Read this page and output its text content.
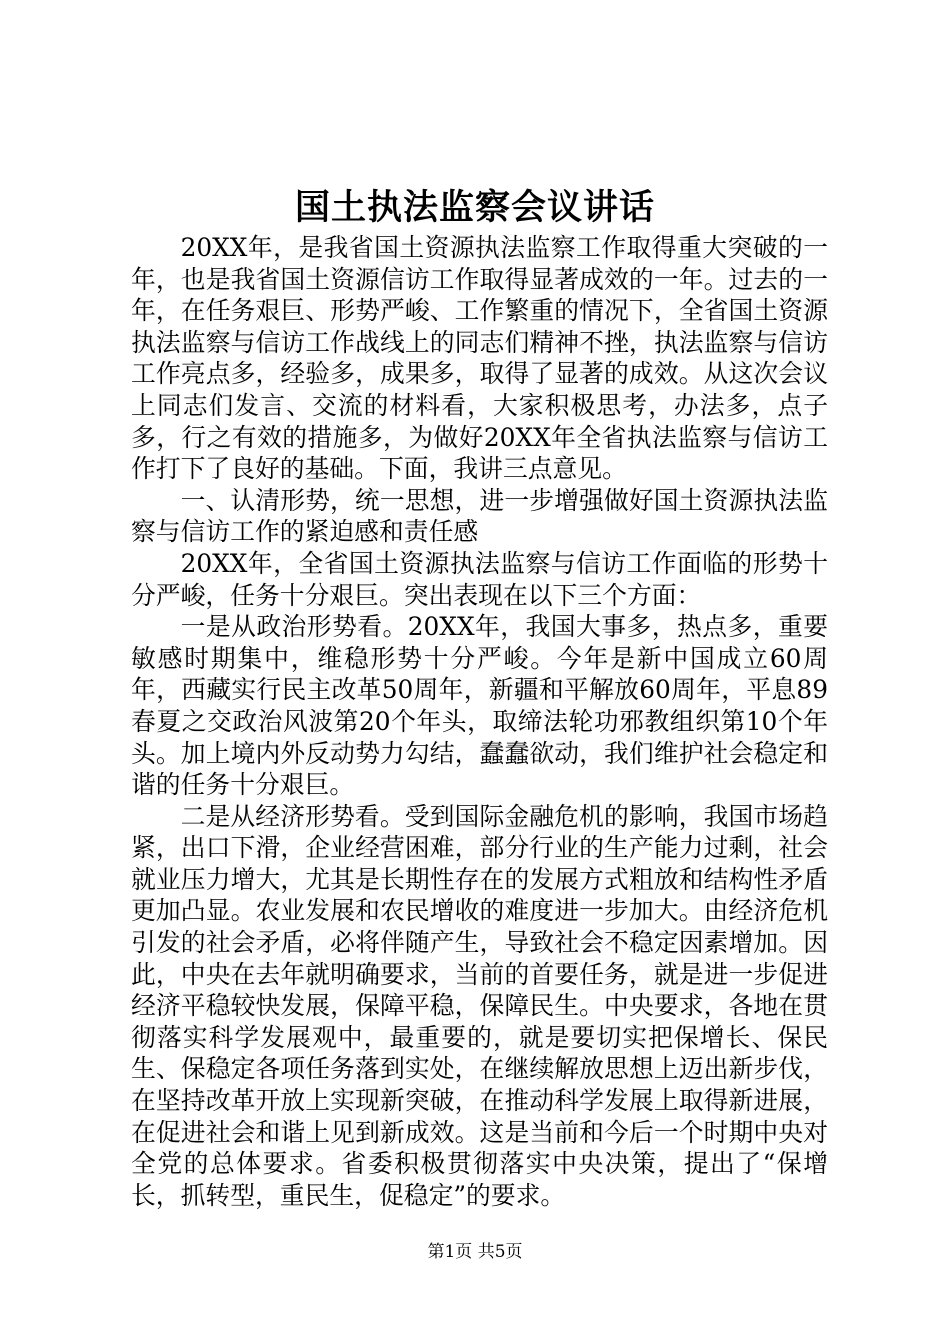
国土执法监察会议讲话

20XX年，是我省国土资源执法监察工作取得重大突破的一年，也是我省国土资源信访工作取得显著成效的一年。过去的一年，在任务艰巨、形势严峻、工作繁重的情况下，全省国土资源执法监察与信访工作战线上的同志们精神不挫，执法监察与信访工作亮点多，经验多，成果多，取得了显著的成效。从这次会议上同志们发言、交流的材料看，大家积极思考，办法多，点子多，行之有效的措施多，为做好20XX年全省执法监察与信访工作打下了良好的基础。下面，我讲三点意见。

一、认清形势，统一思想，进一步增强做好国土资源执法监察与信访工作的紧迫感和责任感

20XX年，全省国土资源执法监察与信访工作面临的形势十分严峻，任务十分艰巨。突出表现在以下三个方面：

一是从政治形势看。20XX年，我国大事多，热点多，重要敏感时期集中，维稳形势十分严峻。今年是新中国成立60周年，西藏实行民主改革50周年，新疆和平解放60周年，平息89春夏之交政治风波第20个年头，取缔法轮功邪教组织第10个年头。加上境内外反动势力勾结，蠢蠢欲动，我们维护社会稳定和谐的任务十分艰巨。

二是从经济形势看。受到国际金融危机的影响，我国市场趋紧，出口下滑，企业经营困难，部分行业的生产能力过剩，社会就业压力增大，尤其是长期性存在的发展方式粗放和结构性矛盾更加凸显。农业发展和农民增收的难度进一步加大。由经济危机引发的社会矛盾，必将伴随产生，导致社会不稳定因素增加。因此，中央在去年就明确要求，当前的首要任务，就是进一步促进经济平稳较快发展，保障平稳，保障民生。中央要求，各地在贯彻落实科学发展观中，最重要的，就是要切实把保增长、保民生、保稳定各项任务落到实处，在继续解放思想上迈出新步伐，在坚持改革开放上实现新突破，在推动科学发展上取得新进展，在促进社会和谐上见到新成效。这是当前和今后一个时期中央对全党的总体要求。省委积极贯彻落实中央决策，提出了“保增长，抓转型，重民生，促稳定”的要求。

第1页 共5页
